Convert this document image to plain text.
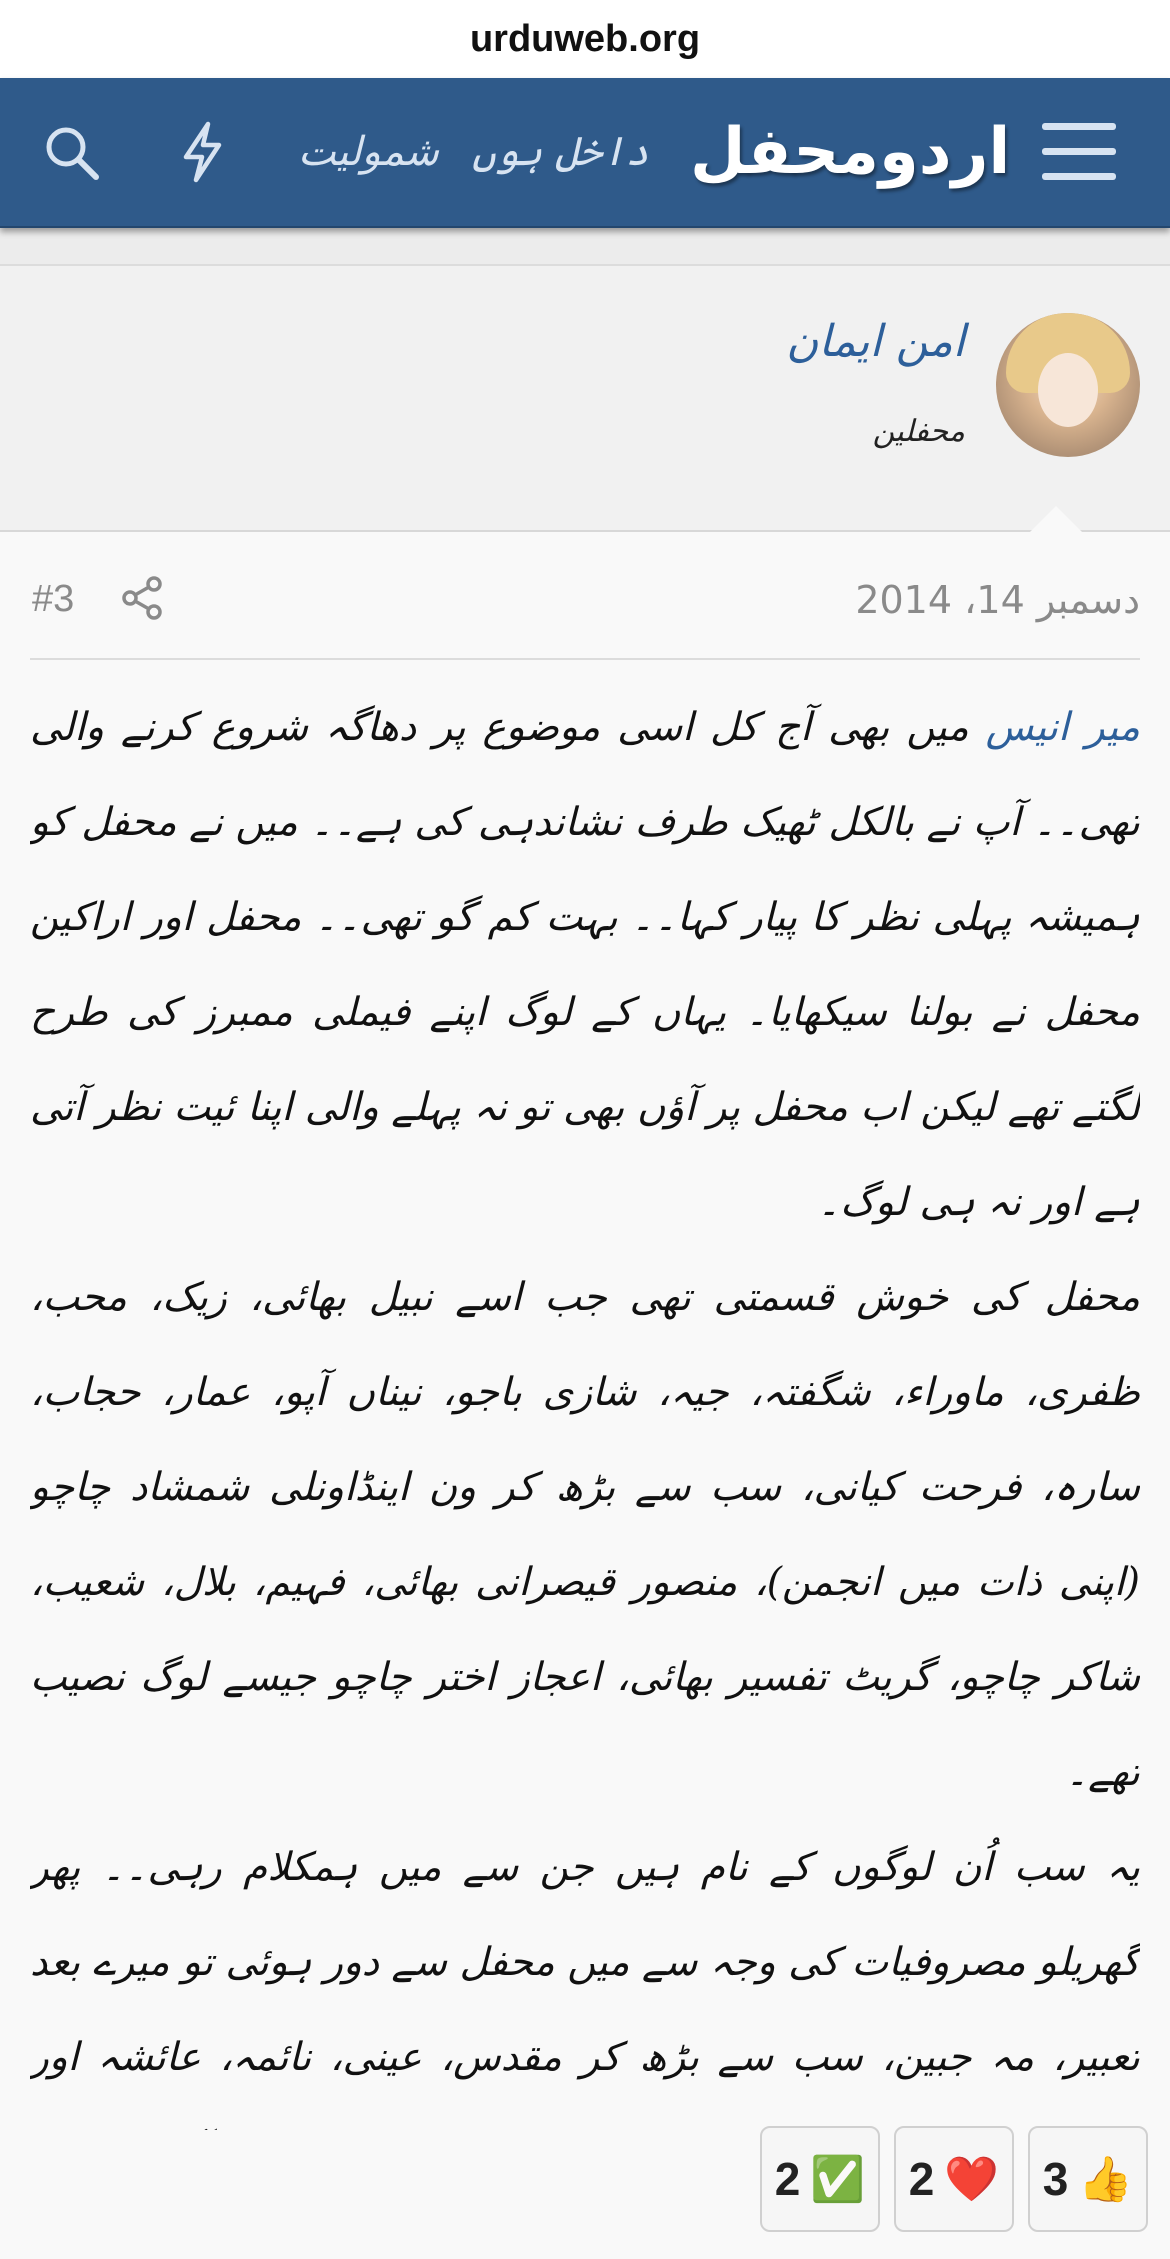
urduweb.org
شمولیت داخل ہوں اردومحفل
امن ایمان
محفلین
#3	دسمبر 14، 2014

میر انیس میں بھی آج کل اسی موضوع پر دھاگہ شروع کرنے والی تھی۔۔ آپ نے بالکل ٹھیک طرف نشاندہی کی ہے۔۔ میں نے محفل کو ہمیشہ پہلی نظر کا پیار کہا۔۔ بہت کم گو تھی۔۔ محفل اور اراکین محفل نے بولنا سیکھایا۔ یہاں کے لوگ اپنے فیملی ممبرز کی طرح لگتے تھے لیکن اب محفل پر آؤں بھی تو نہ پہلے والی اپنا ئیت نظر آتی ہے اور نہ ہی لوگ۔

محفل کی خوش قسمتی تھی جب اسے نبیل بھائی، زیک، محب، ظفری، ماوراء، شگفتہ، جیہ، شازی باجو، نیناں آپو، عمار، حجاب، سارہ، فرحت کیانی، سب سے بڑھ کر ون اینڈاونلی شمشاد چاچو (اپنی ذات میں انجمن)، منصور قیصرانی بھائی، فہیم، بلال، شعیب، شاکر چاچو، گریٹ تفسیر بھائی، اعجاز اختر چاچو جیسے لوگ نصیب تھے۔

یہ سب اُن لوگوں کے نام ہیں جن سے میں ہمکلام رہی۔۔ پھر گھریلو مصروفیات کی وجہ سے میں محفل سے دور ہوئی تو میرے بعد تعبیر، مہ جبین، سب سے بڑھ کر مقدس، عینی، نائمہ، عائشہ اور

2 ✅ 2 ❤️ 3 👍
